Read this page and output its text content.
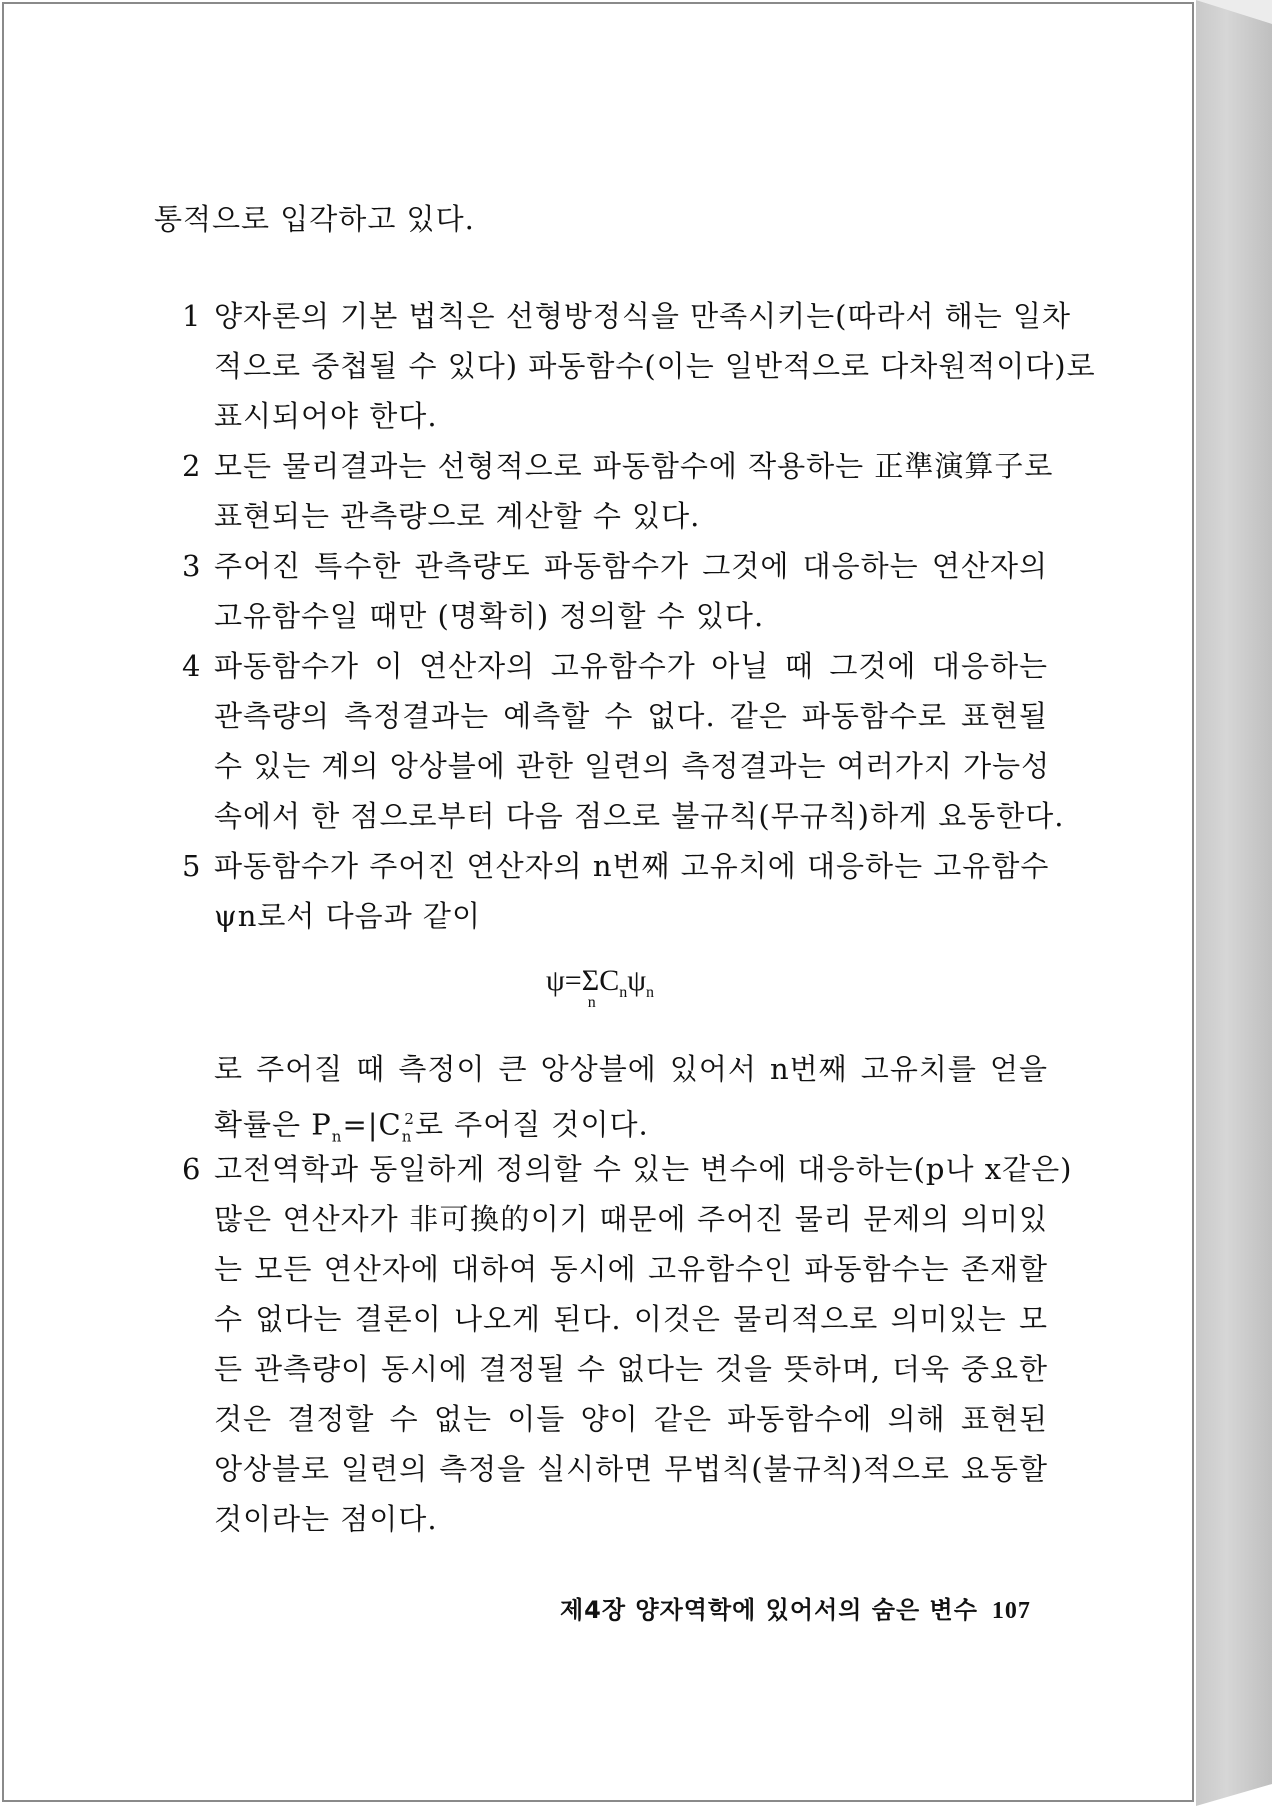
통적으로 입각하고 있다.
1 양자론의 기본 법칙은 선형방정식을 만족시키는(따라서 해는 일차
적으로 중첩될 수 있다) 파동함수(이는 일반적으로 다차원적이다)로
표시되어야 한다.
2 모든 물리결과는 선형적으로 파동함수에 작용하는 正準演算子로
표현되는 관측량으로 계산할 수 있다.
3 주어진 특수한 관측량도 파동함수가 그것에 대응하는 연산자의
고유함수일 때만 (명확히) 정의할 수 있다.
4 파동함수가 이 연산자의 고유함수가 아닐 때 그것에 대응하는
관측량의 측정결과는 예측할 수 없다. 같은 파동함수로 표현될
수 있는 계의 앙상블에 관한 일련의 측정결과는 여러가지 가능성
속에서 한 점으로부터 다음 점으로 불규칙(무규칙)하게 요동한다.
5 파동함수가 주어진 연산자의 n번째 고유치에 대응하는 고유함수
ψn로서 다음과 같이
ψ=Σ
n
$C_n\psi_n$
로 주어질 때 측정이 큰 앙상블에 있어서 n번째 고유치를 얻을
확률은 $P_n=|C_n^2$로 주어질 것이다.
6 고전역학과 동일하게 정의할 수 있는 변수에 대응하는(p나 x같은)
많은 연산자가 非可換的이기 때문에 주어진 물리 문제의 의미있
는 모든 연산자에 대하여 동시에 고유함수인 파동함수는 존재할
수 없다는 결론이 나오게 된다. 이것은 물리적으로 의미있는 모
든 관측량이 동시에 결정될 수 없다는 것을 뜻하며, 더욱 중요한
것은 결정할 수 없는 이들 양이 같은 파동함수에 의해 표현된
앙상블로 일련의 측정을 실시하면 무법칙(불규칙)적으로 요동할
것이라는 점이다.
제4장 양자역학에 있어서의 숨은 변수 107
